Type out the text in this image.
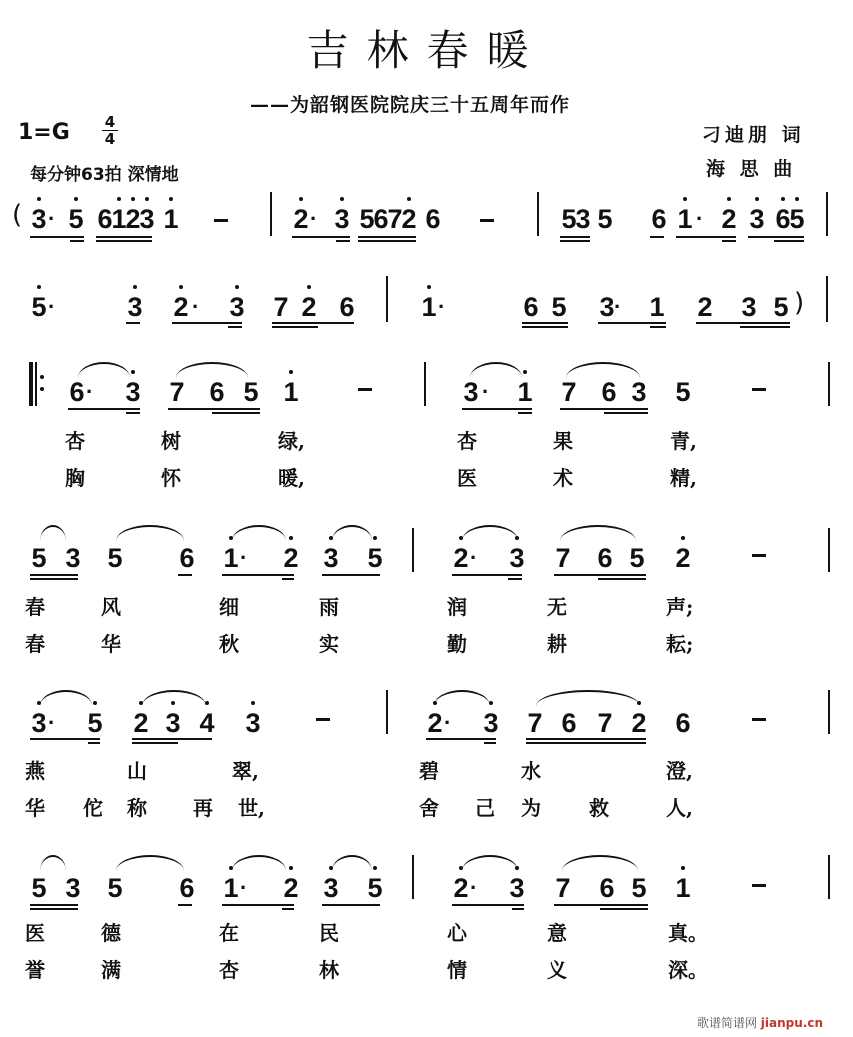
吉林春暖
——为韶钢医院院庆三十五周年而作
1=G	4
4
每分钟63拍 深情地
刁迪朋 词
海 思 曲
( 3 · 5 6
1
2
3 1	2 · 3 5
6
7
2 6	5
3 5 6 1 · 2 3 6
5
5 ·	3 2 · 3 7 2 6 1 ·	6 5 3 · 1 2 3 5 )
6 · 3 7 6 5 1	3 · 1 7 6 3 5
杏	树	绿,	杏	果	青,
胸	怀	暖,	医	术	精,
5 3 5 6 1 · 2 3 5	2 · 3 7 6 5 2
春	风	细	雨	润	无	声;
春	华	秋	实	勤	耕	耘;
3 · 5 2 3 4 3	2 · 3 7 6 7 2 6
燕	山	翠,	碧	水	澄,
华 佗 称 再 世,	舍 己 为 救	人,
5 3 5 6 1 · 2 3 5	2 · 3 7 6 5 1
医	德	在	民	心	意	真。
誉	满	杏	林	情	义	深。
歌谱简谱网 jianpu.cn
